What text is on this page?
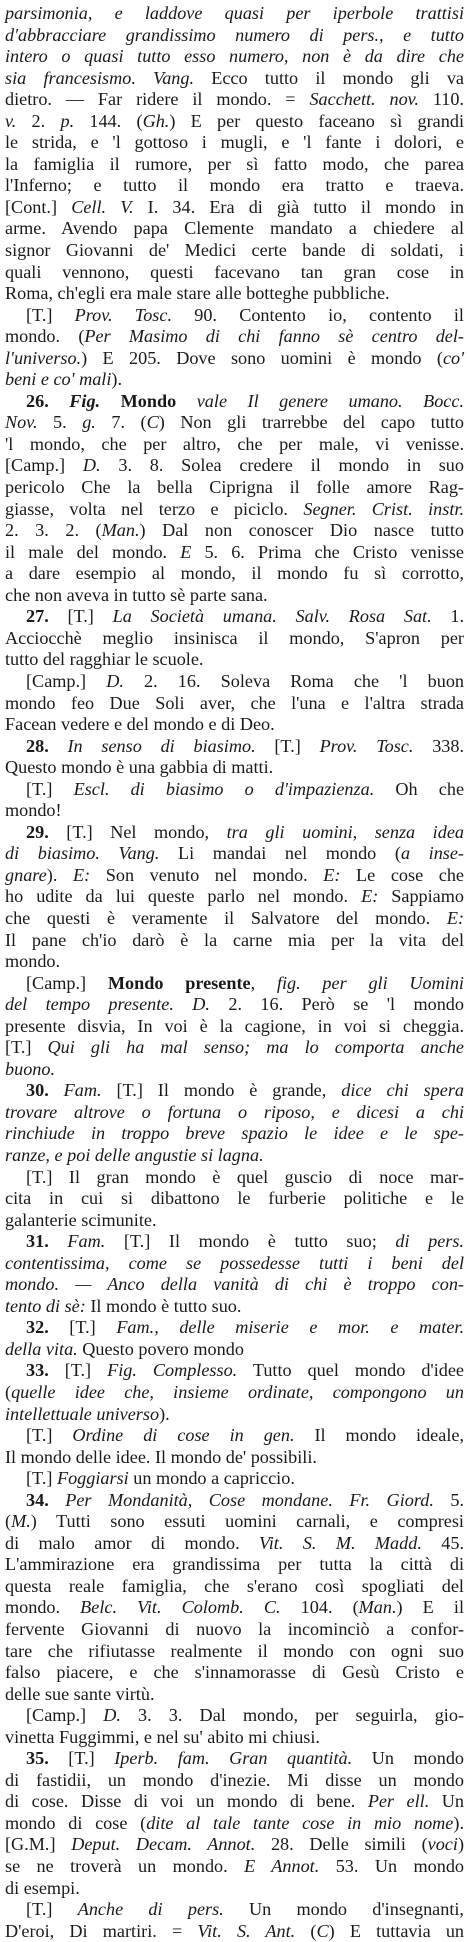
parsimonia, e laddove quasi per iperbole trattisi
d'abbracciare grandissimo numero di pers., e tutto
intero o quasi tutto esso numero, non è da dire che
sia francesismo. Vang. Ecco tutto il mondo gli va
dietro. — Far ridere il mondo. = Sacchett. nov. 110.
v. 2. p. 144. (Gh.) E per questo faceano sì grandi
le strida, e 'l gottoso i mugli, e 'l fante i dolori, e
la famiglia il rumore, per sì fatto modo, che parea
l'Inferno; e tutto il mondo era tratto e traeva.
[Cont.] Cell. V. I. 34. Era di già tutto il mondo in
arme. Avendo papa Clemente mandato a chiedere al
signor Giovanni de' Medici certe bande di soldati, i
quali vennono, questi facevano tan gran cose in
Roma, ch'egli era male stare alle botteghe pubbliche.
[T.] Prov. Tosc. 90. Contento io, contento il
mondo. (Per Masimo di chi fanno sè centro del-
l'universo.) E 205. Dove sono uomini è mondo (co'
beni e co' mali).
26. Fig. Mondo vale Il genere umano. Bocc.
Nov. 5. g. 7. (C) Non gli trarrebbe del capo tutto
'l mondo, che per altro, che per male, vi venisse.
[Camp.] D. 3. 8. Solea credere il mondo in suo
pericolo Che la bella Ciprigna il folle amore Rag-
giasse, volta nel terzo e piciclo. Segner. Crist. instr.
2. 3. 2. (Man.) Dal non conoscer Dio nasce tutto
il male del mondo. E 5. 6. Prima che Cristo venisse
a dare esempio al mondo, il mondo fu sì corrotto,
che non aveva in tutto sè parte sana.
27. [T.] La Società umana. Salv. Rosa Sat. 1.
Acciocchè meglio insinisca il mondo, S'apron per
tutto del ragghiar le scuole.
[Camp.] D. 2. 16. Soleva Roma che 'l buon
mondo feo Due Soli aver, che l'una e l'altra strada
Facean vedere e del mondo e di Deo.
28. In senso di biasimo. [T.] Prov. Tosc. 338.
Questo mondo è una gabbia di matti.
[T.] Escl. di biasimo o d'impazienza. Oh che
mondo!
29. [T.] Nel mondo, tra gli uomini, senza idea
di biasimo. Vang. Li mandai nel mondo (a inse-
gnare). E: Son venuto nel mondo. E: Le cose che
ho udite da lui queste parlo nel mondo. E: Sappiamo
che questi è veramente il Salvatore del mondo. E:
Il pane ch'io darò è la carne mia per la vita del
mondo.
[Camp.] Mondo presente, fig. per gli Uomini
del tempo presente. D. 2. 16. Però se 'l mondo
presente disvia, In voi è la cagione, in voi si cheggia.
[T.] Qui gli ha mal senso; ma lo comporta anche
buono.
30. Fam. [T.] Il mondo è grande, dice chi spera
trovare altrove o fortuna o riposo, e dicesi a chi
rinchiude in troppo breve spazio le idee e le spe-
ranze, e poi delle angustie si lagna.
[T.] Il gran mondo è quel guscio di noce mar-
cita in cui si dibattono le furberie politiche e le
galanterie scimunite.
31. Fam. [T.] Il mondo è tutto suo; di pers.
contentissima, come se possedesse tutti i beni del
mondo. — Anco della vanità di chi è troppo con-
tento di sè: Il mondo è tutto suo.
32. [T.] Fam., delle miserie e mor. e mater.
della vita. Questo povero mondo
33. [T.] Fig. Complesso. Tutto quel mondo d'idee
(quelle idee che, insieme ordinate, compongono un
intellettuale universo).
[T.] Ordine di cose in gen. Il mondo ideale,
Il mondo delle idee. Il mondo de' possibili.
[T.] Foggiarsi un mondo a capriccio.
34. Per Mondanità, Cose mondane. Fr. Giord. 5.
(M.) Tutti sono essuti uomini carnali, e compresi
di malo amor di mondo. Vit. S. M. Madd. 45.
L'ammirazione era grandissima per tutta la città di
questa reale famiglia, che s'erano così spogliati del
mondo. Belc. Vit. Colomb. C. 104. (Man.) E il
fervente Giovanni di nuovo la incominciò a confor-
tare che rifiutasse realmente il mondo con ogni suo
falso piacere, e che s'innamorasse di Gesù Cristo e
delle sue sante virtù.
[Camp.] D. 3. 3. Dal mondo, per seguirla, gio-
vinetta Fuggimmi, e nel su' abito mi chiusi.
35. [T.] Iperb. fam. Gran quantità. Un mondo
di fastidii, un mondo d'inezie. Mi disse un mondo
di cose. Disse di voi un mondo di bene. Per ell. Un
mondo di cose (dite al tale tante cose in mio nome).
[G.M.] Deput. Decam. Annot. 28. Delle simili (voci)
se ne troverà un mondo. E Annot. 53. Un mondo
di esempi.
[T.] Anche di pers. Un mondo d'insegnanti,
D'eroi, Di martiri. = Vit. S. Ant. (C) E tuttavia un
